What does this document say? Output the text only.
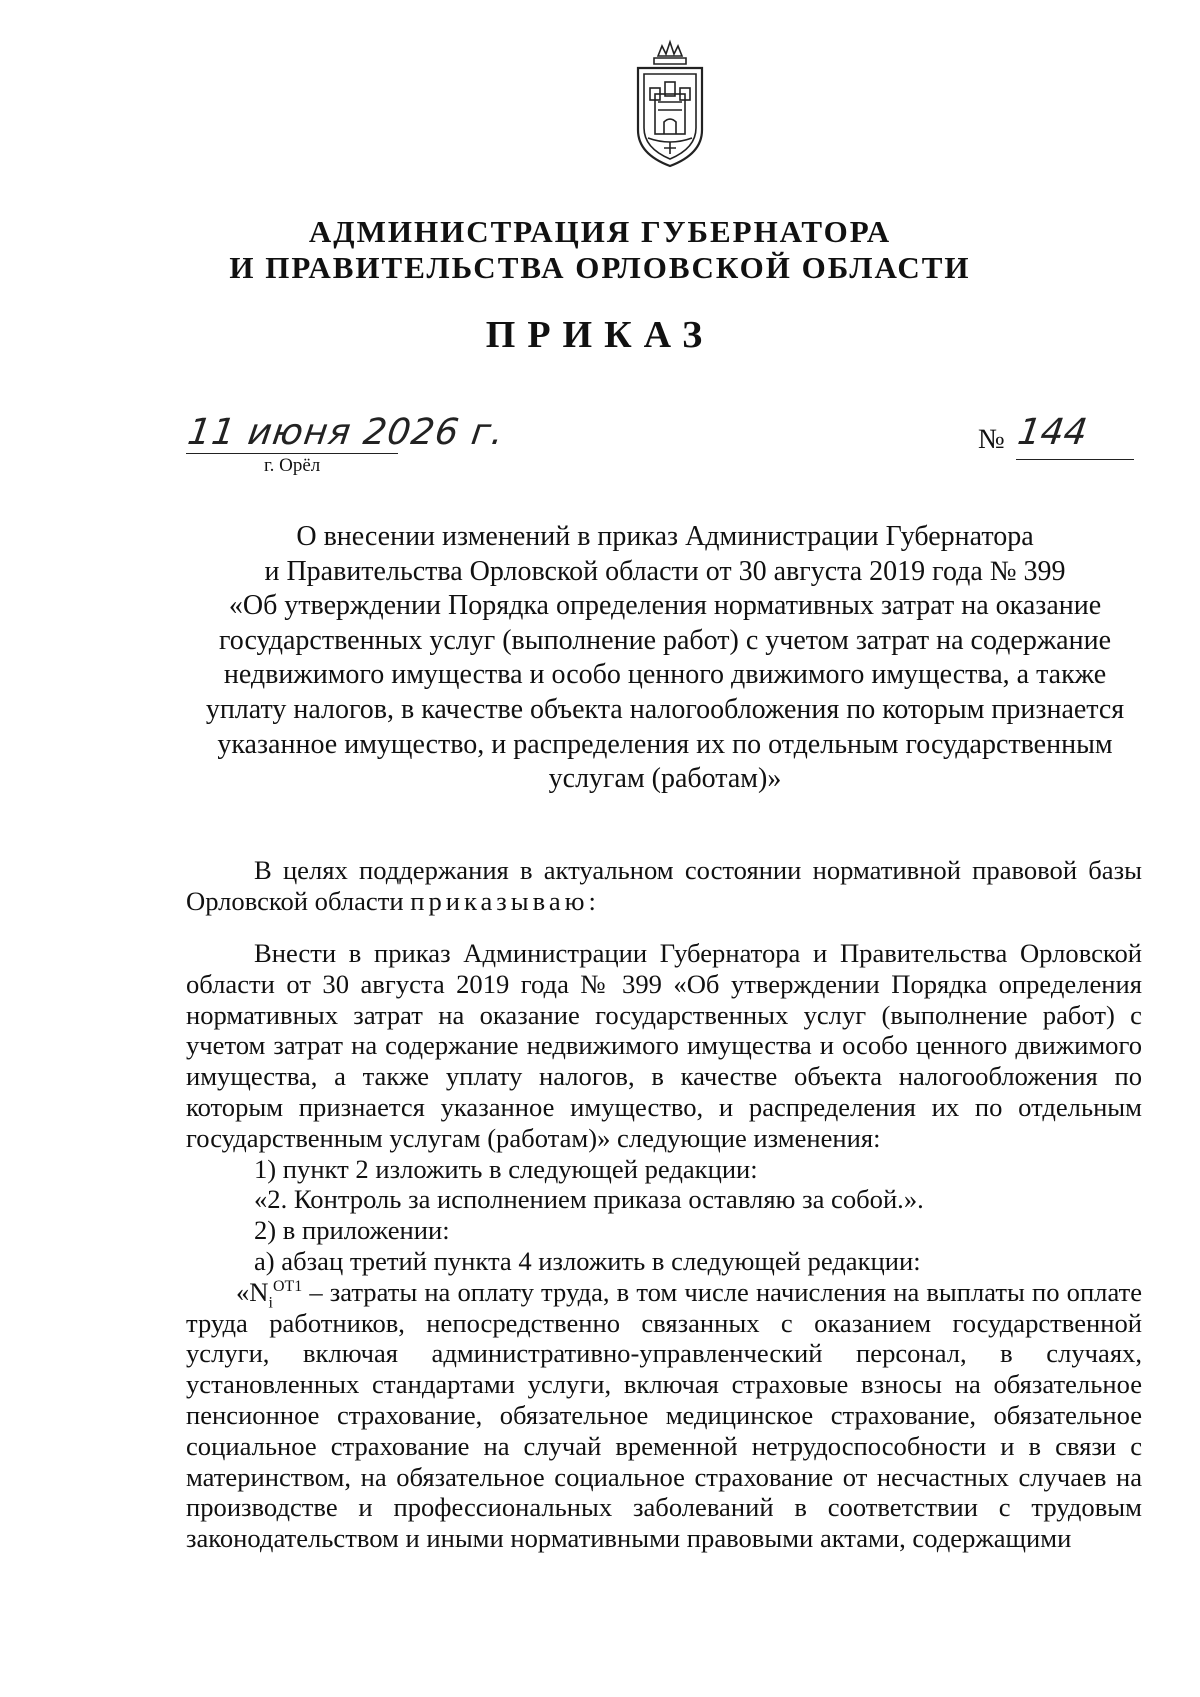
АДМИНИСТРАЦИЯ ГУБЕРНАТОРА
И ПРАВИТЕЛЬСТВА ОРЛОВСКОЙ ОБЛАСТИ
ПРИКАЗ
11 июня 2026 г.
г. Орёл
№ 144
О внесении изменений в приказ Администрации Губернатора
и Правительства Орловской области от 30 августа 2019 года № 399
«Об утверждении Порядка определения нормативных затрат на оказание
государственных услуг (выполнение работ) с учетом затрат на содержание
недвижимого имущества и особо ценного движимого имущества, а также
уплату налогов, в качестве объекта налогообложения по которым признается
указанное имущество, и распределения их по отдельным государственным
услугам (работам)»

В целях поддержания в актуальном состоянии нормативной правовой базы Орловской области приказываю:

Внести в приказ Администрации Губернатора и Правительства Орловской области от 30 августа 2019 года № 399 «Об утверждении Порядка определения нормативных затрат на оказание государственных услуг (выполнение работ) с учетом затрат на содержание недвижимого имущества и особо ценного движимого имущества, а также уплату налогов, в качестве объекта налогообложения по которым признается указанное имущество, и распределения их по отдельным государственным услугам (работам)» следующие изменения:

1) пункт 2 изложить в следующей редакции:

«2. Контроль за исполнением приказа оставляю за собой.».

2) в приложении:

а) абзац третий пункта 4 изложить в следующей редакции:

«$N_i^{ОТ1}$ – затраты на оплату труда, в том числе начисления на выплаты по оплате труда работников, непосредственно связанных с оказанием государственной услуги, включая административно-управленческий персонал, в случаях, установленных стандартами услуги, включая страховые взносы на обязательное пенсионное страхование, обязательное медицинское страхование, обязательное социальное страхование на случай временной нетрудоспособности и в связи с материнством, на обязательное социальное страхование от несчастных случаев на производстве и профессиональных заболеваний в соответствии с трудовым законодательством и иными нормативными правовыми актами, содержащими
